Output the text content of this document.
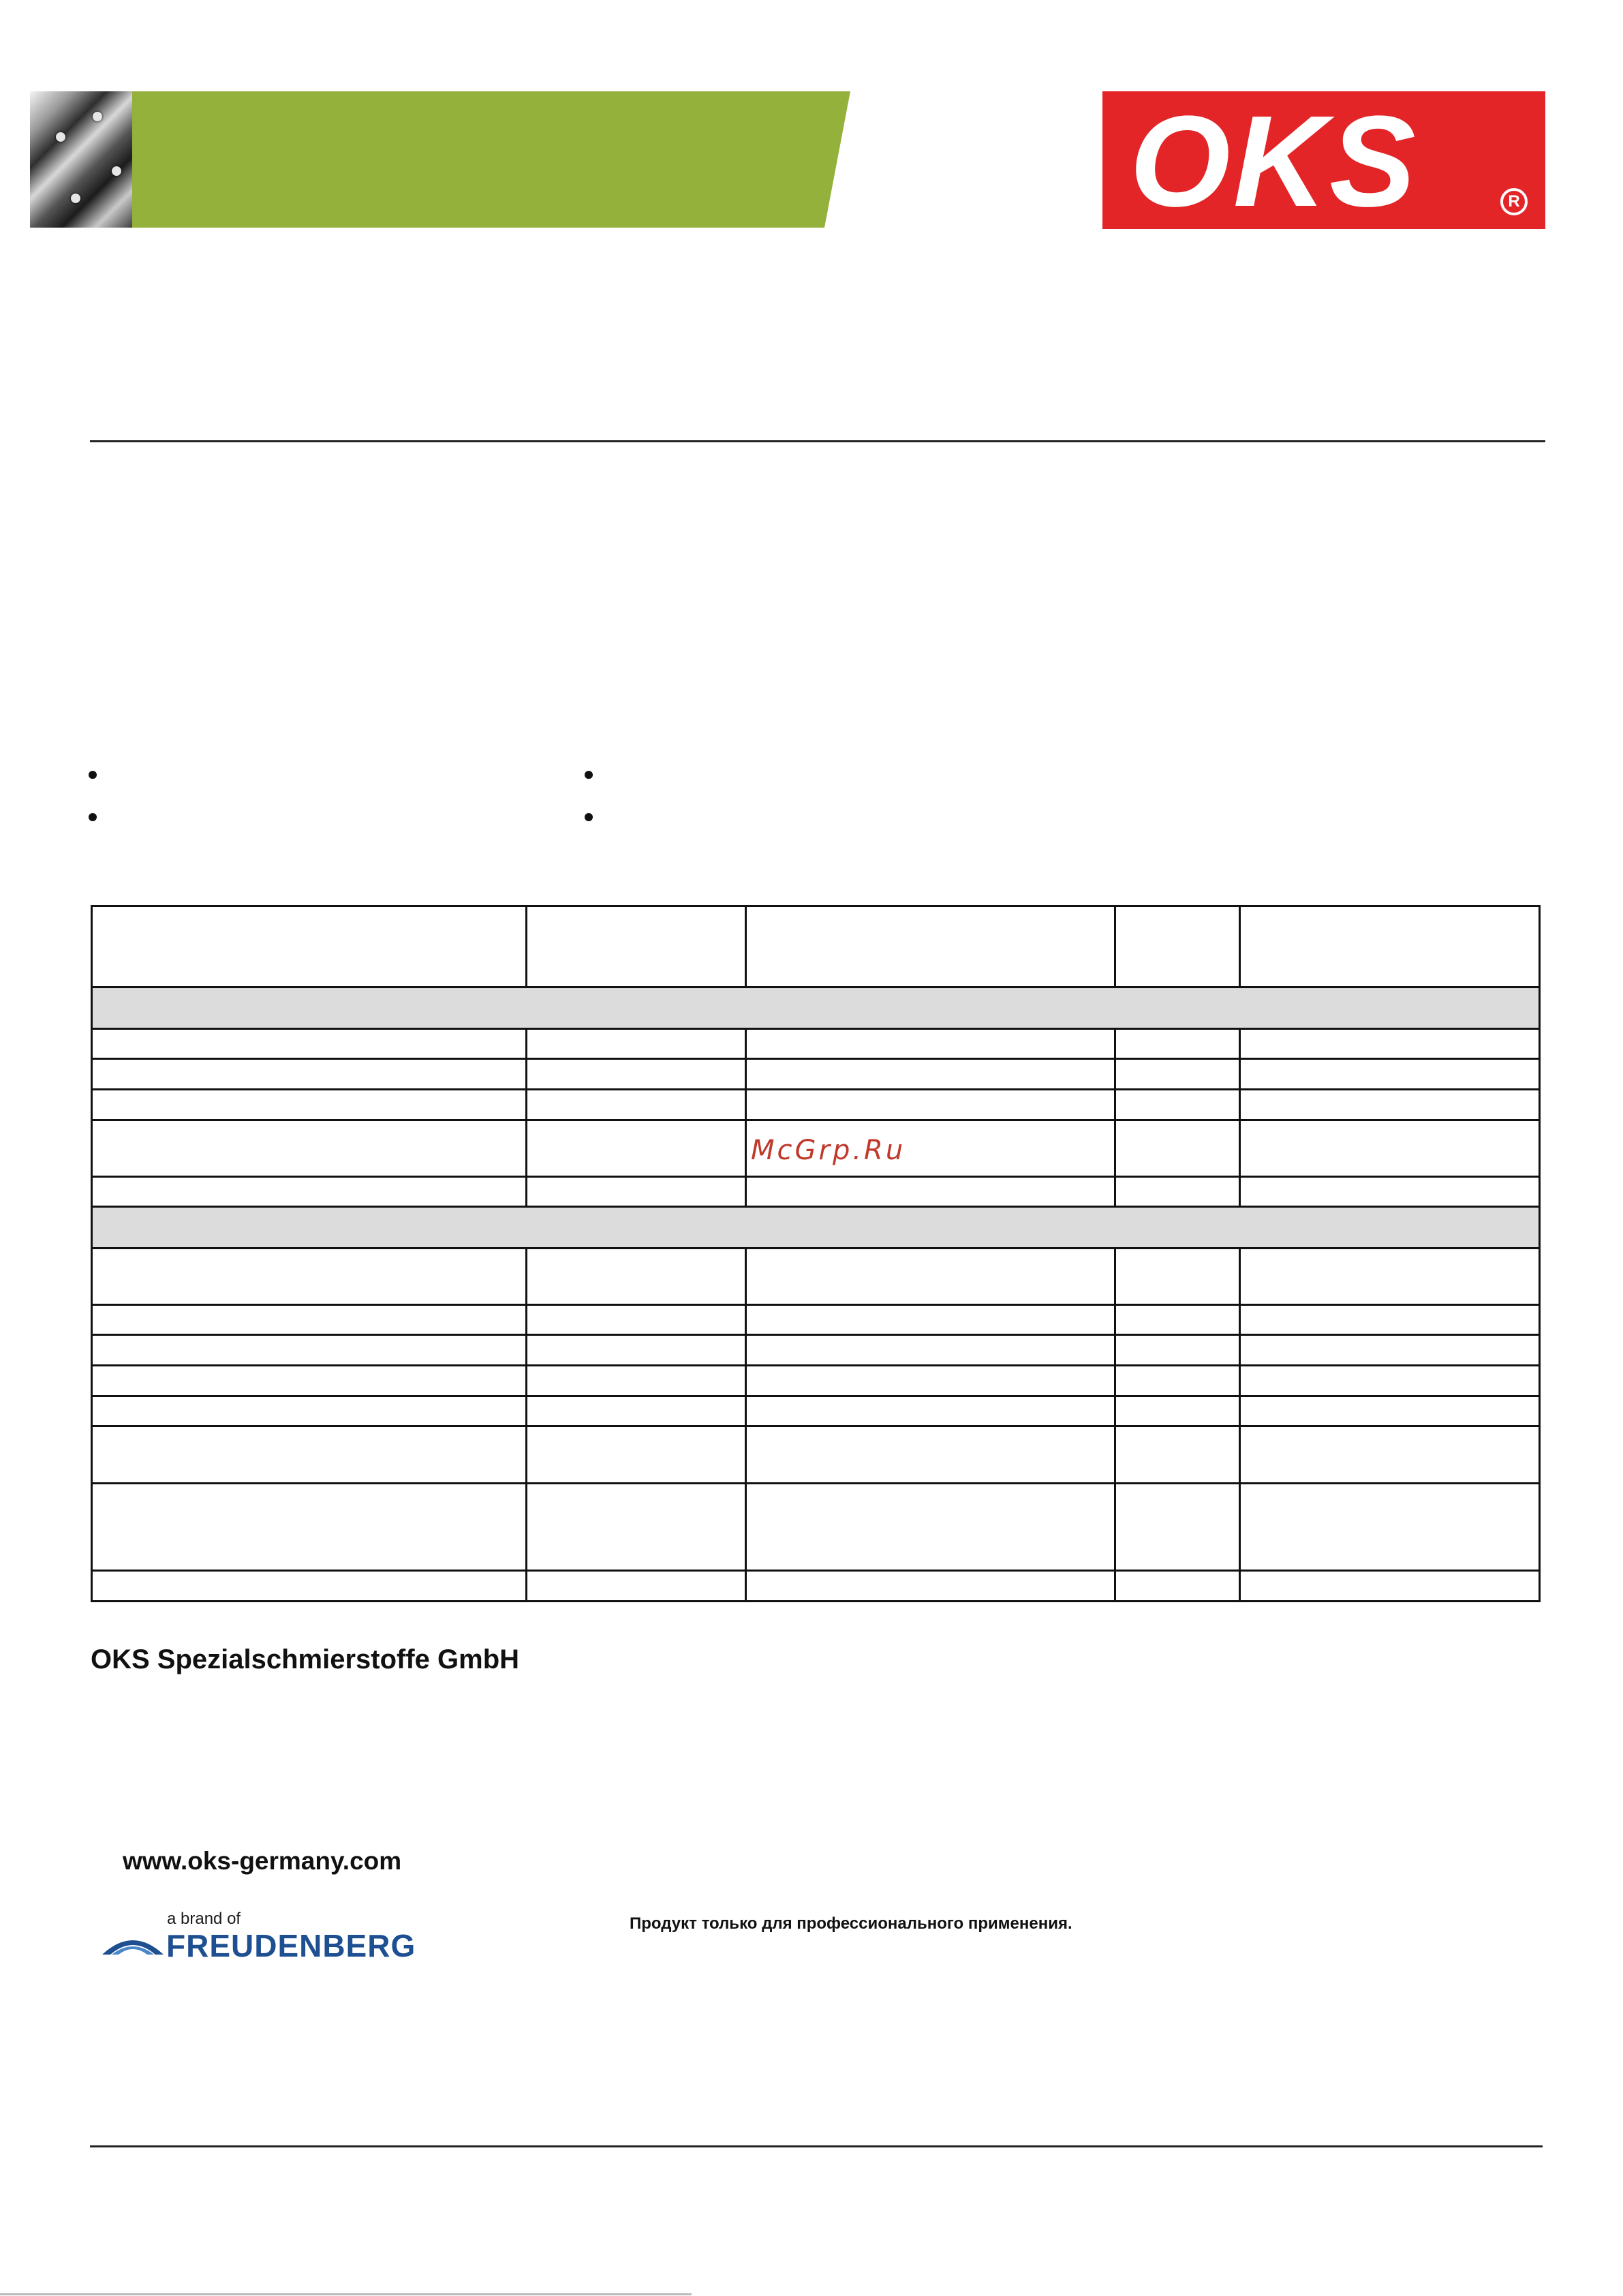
OKS	R
McGrp.Ru
OKS Spezialschmierstoffe GmbH
www.oks-germany.com
a brand of
FREUDENBERG
Продукт только для профессионального применения.
